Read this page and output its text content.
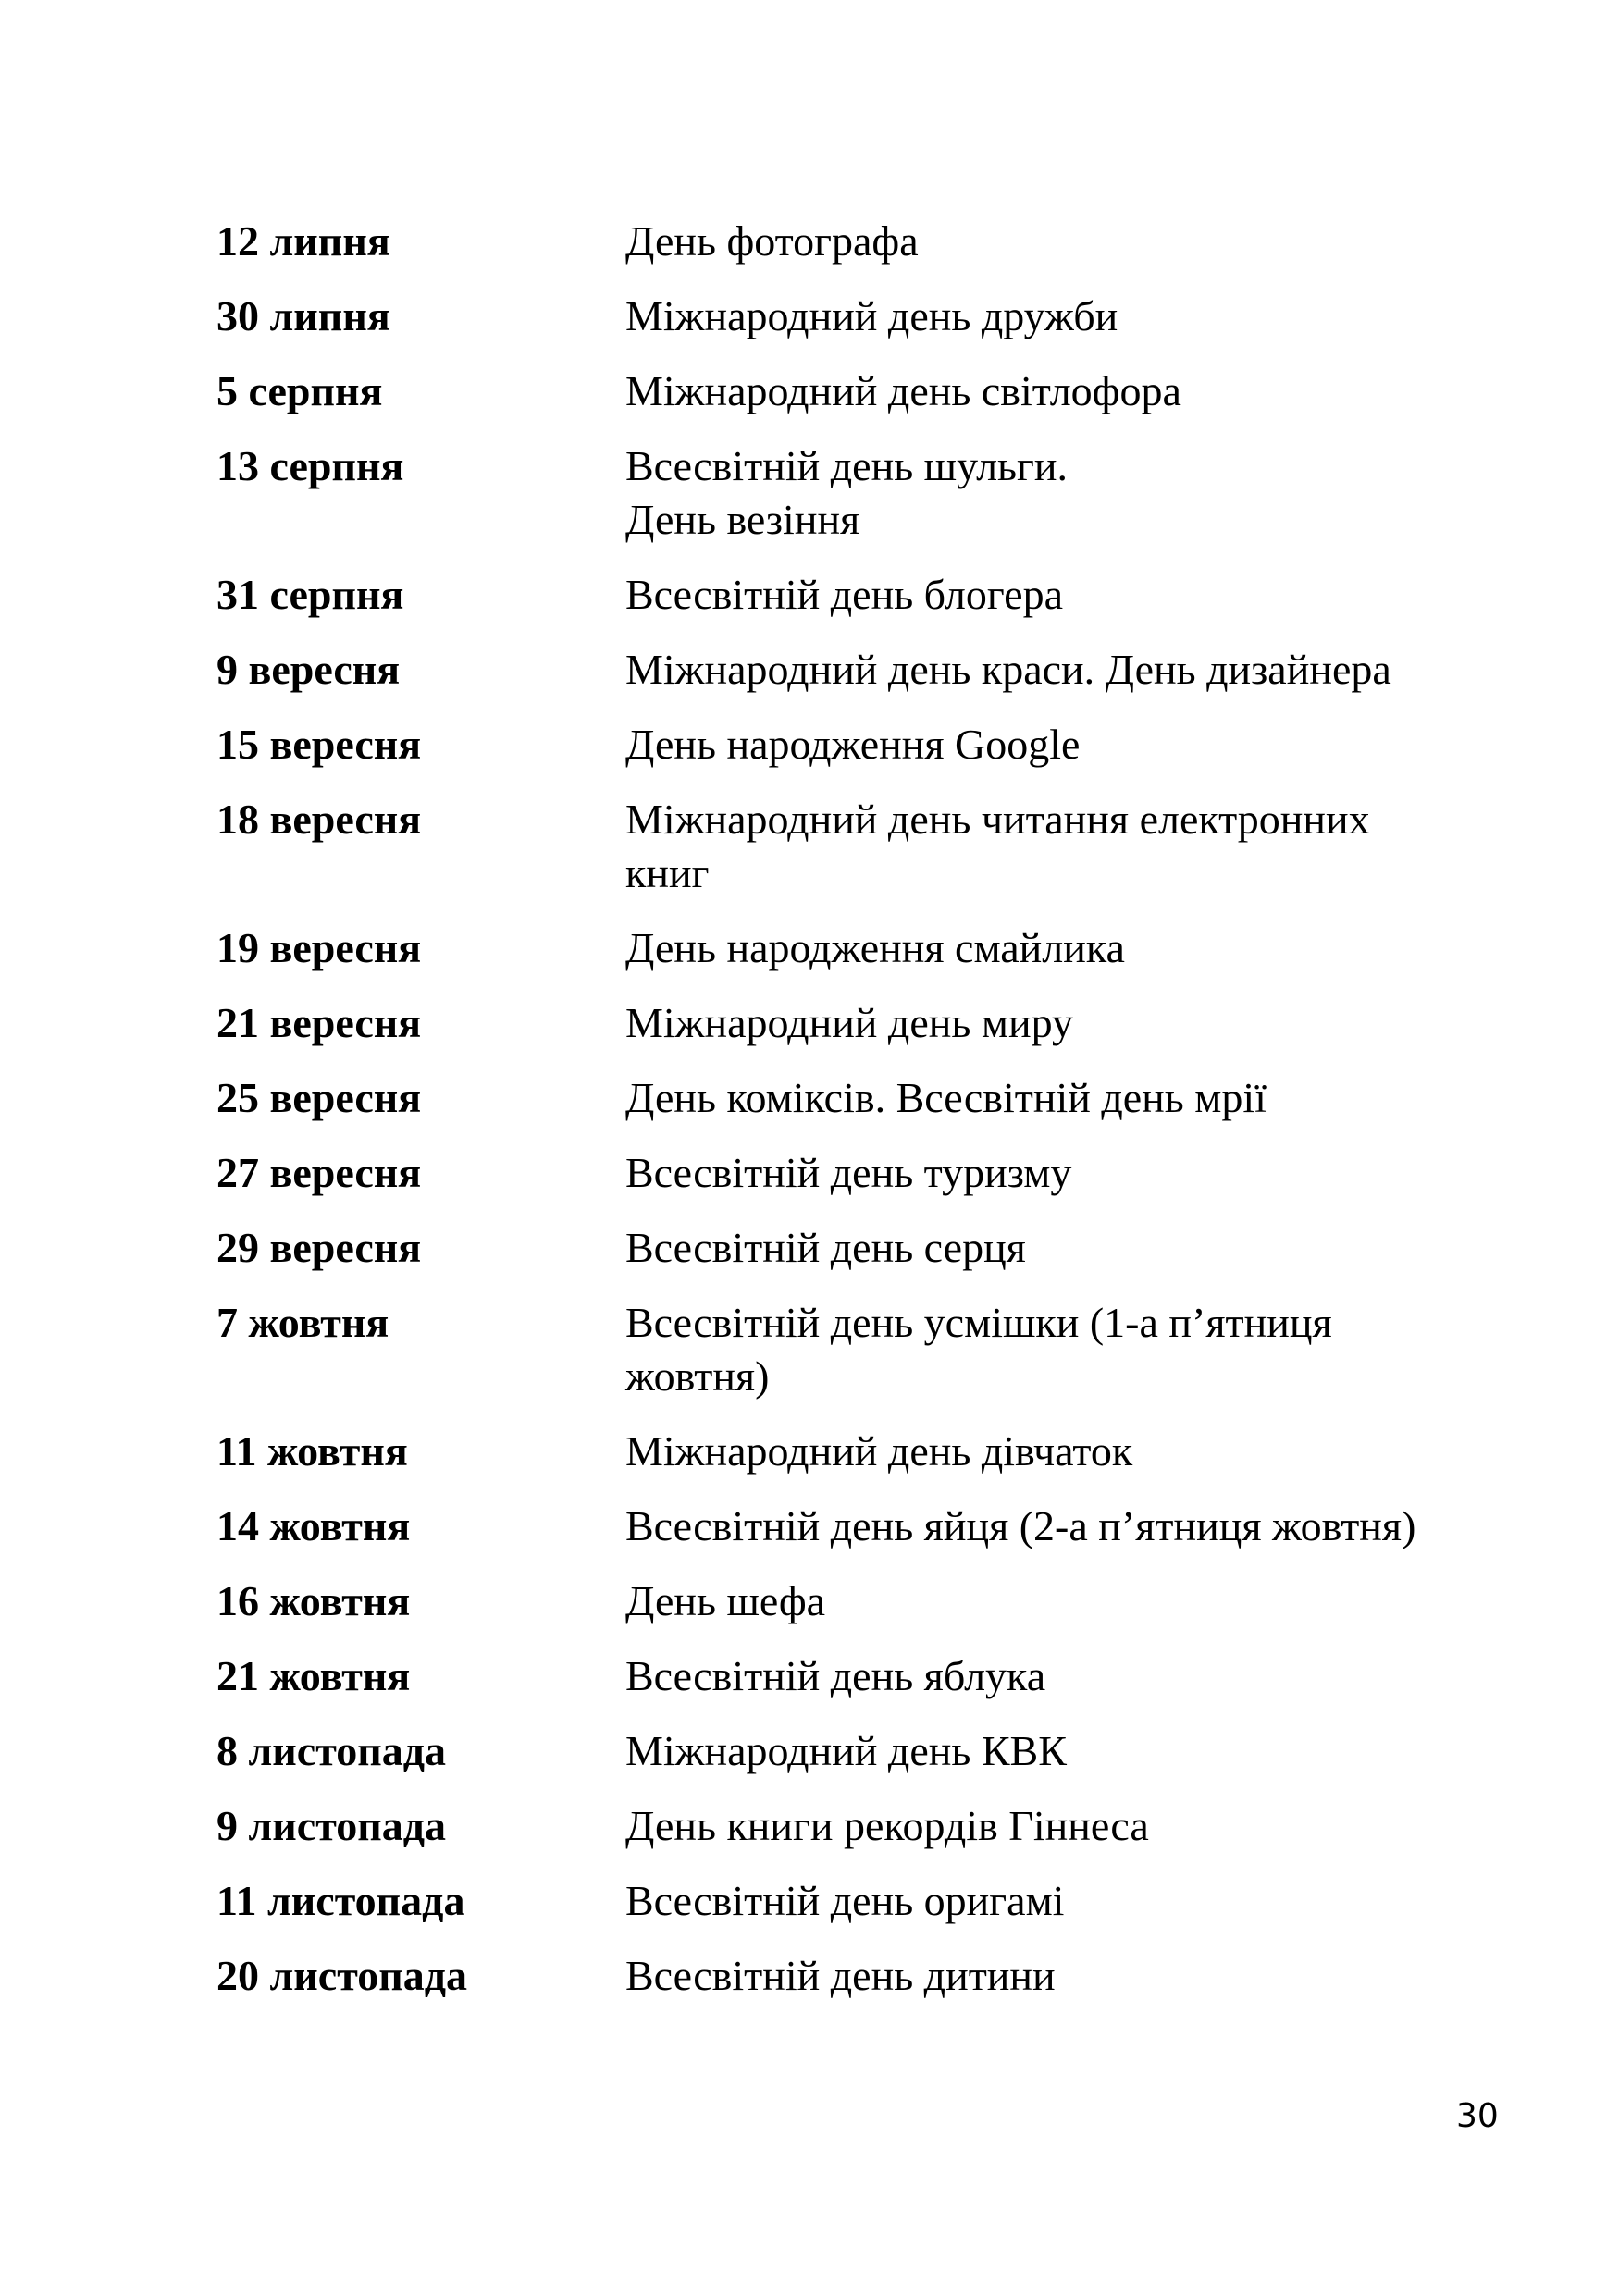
12 липня	День фотографа
30 липня	Міжнародний день дружби
5 серпня	Міжнародний день світлофора
13 серпня	Всесвітній день шульги.
День везіння
31 серпня	Всесвітній день блогера
9 вересня	Міжнародний день краси. День дизайнера
15 вересня	День народження Google
18 вересня	Міжнародний день читання електронних
книг
19 вересня	День народження смайлика
21 вересня	Міжнародний день миру
25 вересня	День коміксів. Всесвітній день мрії
27 вересня	Всесвітній день туризму
29 вересня	Всесвітній день серця
7 жовтня	Всесвітній день усмішки (1-а п’ятниця
жовтня)
11 жовтня	Міжнародний день дівчаток
14 жовтня	Всесвітній день яйця (2-а п’ятниця жовтня)
16 жовтня	День шефа
21 жовтня	Всесвітній день яблука
8 листопада	Міжнародний день КВК
9 листопада	День книги рекордів Гіннеса
11 листопада	Всесвітній день оригамі
20 листопада	Всесвітній день дитини
30
